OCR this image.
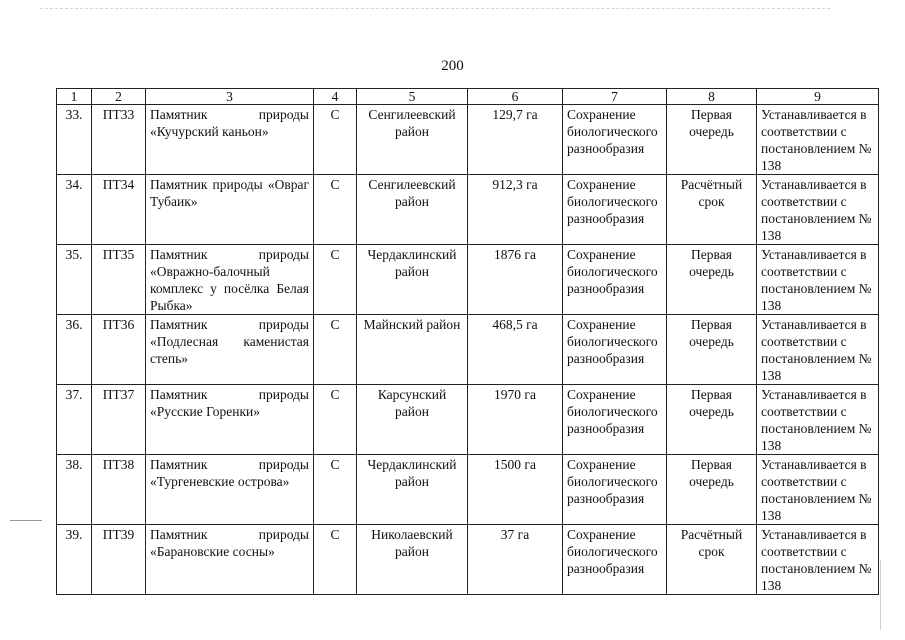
200
1	2	3	4	5	6	7	8	9
33.	ПТ33	Памятник природы «Кучурский каньон»	С	Сенгилеевский район	129,7 га	Сохранение биологического разнообразия	Первая очередь	Устанавливается в соответствии с постановлением № 138
34.	ПТ34	Памятник природы «Овраг Тубаик»	С	Сенгилеевский район	912,3 га	Сохранение биологического разнообразия	Расчётный срок	Устанавливается в соответствии с постановлением № 138
35.	ПТ35	Памятник природы «Овражно-балочный комплекс у посёлка Белая Рыбка»	С	Чердаклинский район	1876 га	Сохранение биологического разнообразия	Первая очередь	Устанавливается в соответствии с постановлением № 138
36.	ПТ36	Памятник природы «Подлесная каменистая степь»	С	Майнский район	468,5 га	Сохранение биологического разнообразия	Первая очередь	Устанавливается в соответствии с постановлением № 138
37.	ПТ37	Памятник природы «Русские Горенки»	С	Карсунский район	1970 га	Сохранение биологического разнообразия	Первая очередь	Устанавливается в соответствии с постановлением № 138
38.	ПТ38	Памятник природы «Тургеневские острова»	С	Чердаклинский район	1500 га	Сохранение биологического разнообразия	Первая очередь	Устанавливается в соответствии с постановлением № 138
39.	ПТ39	Памятник природы «Барановские сосны»	С	Николаевский район	37 га	Сохранение биологического разнообразия	Расчётный срок	Устанавливается в соответствии с постановлением № 138
